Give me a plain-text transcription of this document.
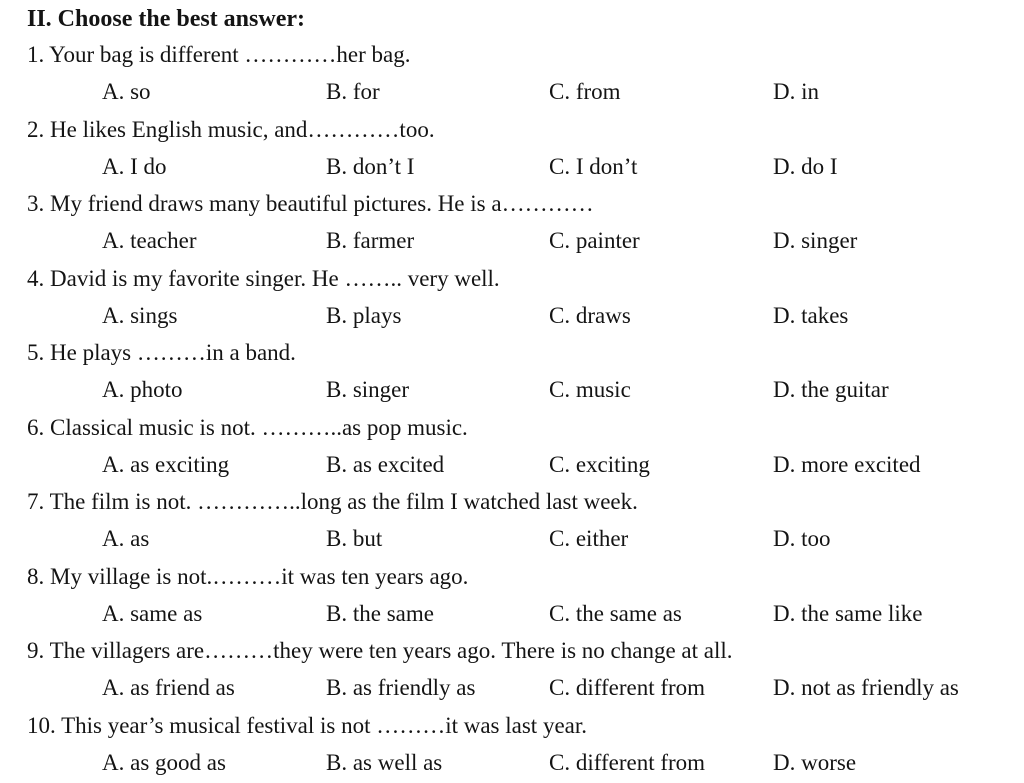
II. Choose the best answer:
1. Your bag is different …………her bag.
A. so	B. for	C. from	D. in
2. He likes English music, and…………too.
A. I do	B. don’t I	C. I don’t	D. do I
3. My friend draws many beautiful pictures. He is a…………
A. teacher	B. farmer	C. painter	D. singer
4. David is my favorite singer. He …….. very well.
A. sings	B. plays	C. draws	D. takes
5. He plays ………in a band.
A. photo	B. singer	C. music	D. the guitar
6. Classical music is not. ………..as pop music.
A. as exciting	B. as excited	C. exciting	D. more excited
7. The film is not. …………..long as the film I watched last week.
A. as	B. but	C. either	D. too
8. My village is not.………it was ten years ago.
A. same as	B. the same	C. the same as	D. the same like
9. The villagers are………they were ten years ago. There is no change at all.
A. as friend as	B. as friendly as	C. different from	D. not as friendly as
10. This year’s musical festival is not ………it was last year.
A. as good as	B. as well as	C. different from	D. worse
